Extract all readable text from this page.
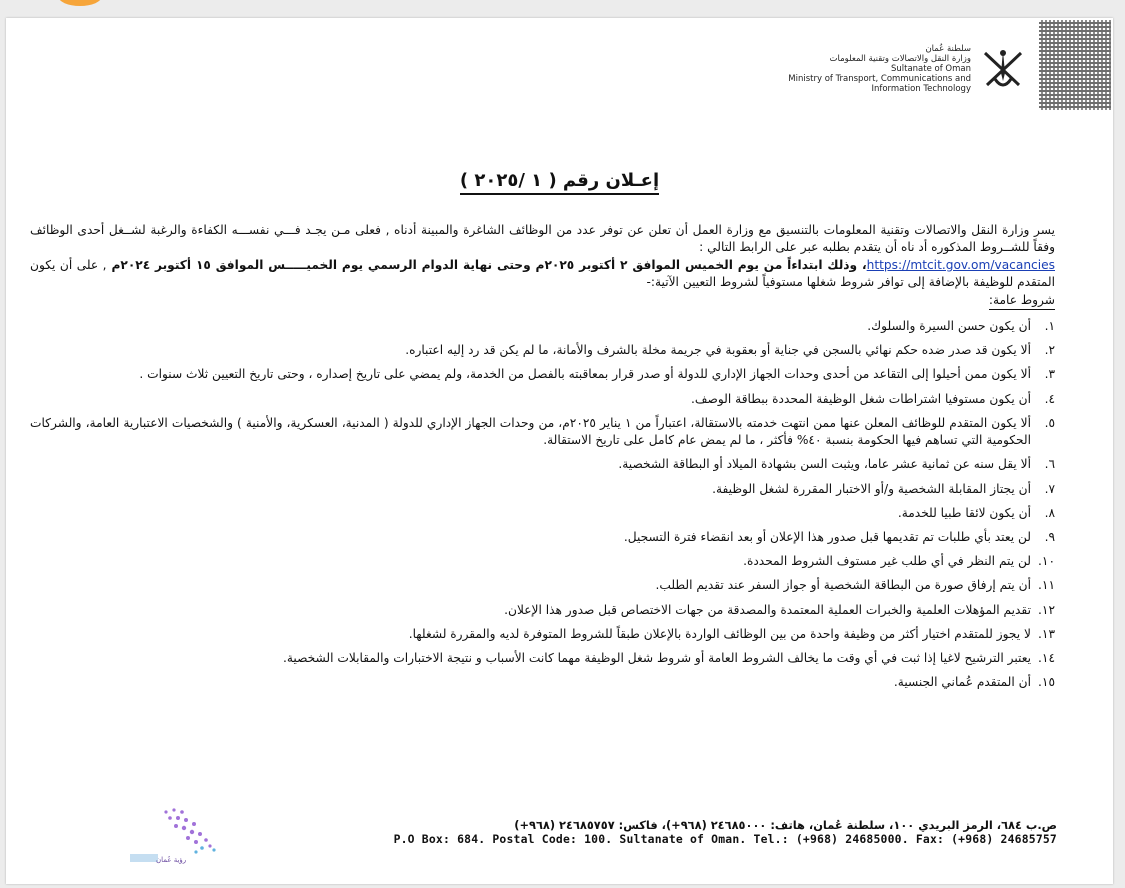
سلطنة عُمان
وزارة النقل والاتصالات وتقنية المعلومات
Sultanate of Oman
Ministry of Transport, Communications and
Information Technology
إعـلان رقم ( ١ /٢٠٢٥ )

يسر وزارة النقل والاتصالات وتقنية المعلومات بالتنسيق مع وزارة العمل أن تعلن عن توفر عدد من الوظائف الشاغرة والمبينة أدناه , فعلى مـن يجـد فـــي نفســـه الكفاءة والرغبة لشــغل أحدى الوظائف وفقاً للشــروط المذكوره أد ناه أن يتقدم بطلبه عبر على الرابط التالي :

https://mtcit.gov.om/vacancies، وذلك ابتداءاً من يوم الخميس الموافق ٢ أكتوبر ٢٠٢٥م وحتى نهاية الدوام الرسمي يوم الخميـــــس الموافق ١٥ أكتوبر ٢٠٢٤م , على أن يكون المتقدم للوظيفة بالإضافة إلى توافر شروط شغلها مستوفياً لشروط التعيين الآتية:-

شروط عامة:
١.
أن يكون حسن السيرة والسلوك.
٢.
ألا يكون قد صدر ضده حكم نهائي بالسجن في جناية أو بعقوبة في جريمة مخلة بالشرف والأمانة، ما لم يكن قد رد إليه اعتباره.
٣.
ألا يكون ممن أحيلوا إلى التقاعد من أحدى وحدات الجهاز الإداري للدولة أو صدر قرار بمعاقبته بالفصل من الخدمة، ولم يمضي على تاريخ إصداره ، وحتى تاريخ التعيين ثلاث سنوات .
٤.
أن يكون مستوفيا اشتراطات شغل الوظيفة المحددة ببطاقة الوصف.
٥.
ألا يكون المتقدم للوظائف المعلن عنها ممن انتهت خدمته بالاستقالة، اعتباراً من ١ يناير ٢٠٢٥م، من وحدات الجهاز الإداري للدولة ( المدنية، العسكرية، والأمنية ) والشخصيات الاعتبارية العامة، والشركات الحكومية التي تساهم فيها الحكومة بنسبة ٤٠% فأكثر ، ما لم يمض عام كامل على تاريخ الاستقالة.
٦.
ألا يقل سنه عن ثمانية عشر عاما، ويثبت السن بشهادة الميلاد أو البطاقة الشخصية.
٧.
أن يجتاز المقابلة الشخصية و/أو الاختبار المقررة لشغل الوظيفة.
٨.
أن يكون لائقا طبيا للخدمة.
٩.
لن يعتد بأي طلبات تم تقديمها قبل صدور هذا الإعلان أو بعد انقضاء فترة التسجيل.
١٠.
لن يتم النظر في أي طلب غير مستوف الشروط المحددة.
١١.
أن يتم إرفاق صورة من البطاقة الشخصية أو جواز السفر عند تقديم الطلب.
١٢.
تقديم المؤهلات العلمية والخبرات العملية المعتمدة والمصدقة من جهات الاختصاص قبل صدور هذا الإعلان.
١٣.
لا يجوز للمتقدم اختيار أكثر من وظيفة واحدة من بين الوظائف الواردة بالإعلان طبقاً للشروط المتوفرة لديه والمقررة لشغلها.
١٤.
يعتبر الترشيح لاغيا إذا ثبت في أي وقت ما يخالف الشروط العامة أو شروط شغل الوظيفة مهما كانت الأسباب و نتيجة الاختبارات والمقابلات الشخصية.
١٥.
أن المتقدم عُماني الجنسية.
رؤية عُمان
ص.ب ٦٨٤، الرمز البريدي ١٠٠، سلطنة عُمان، هاتف: ٢٤٦٨٥٠٠٠ (٩٦٨+)، فاكس: ٢٤٦٨٥٧٥٧ (٩٦٨+)
P.O Box: 684. Postal Code: 100. Sultanate of Oman. Tel.: (+968) 24685000. Fax: (+968) 24685757
